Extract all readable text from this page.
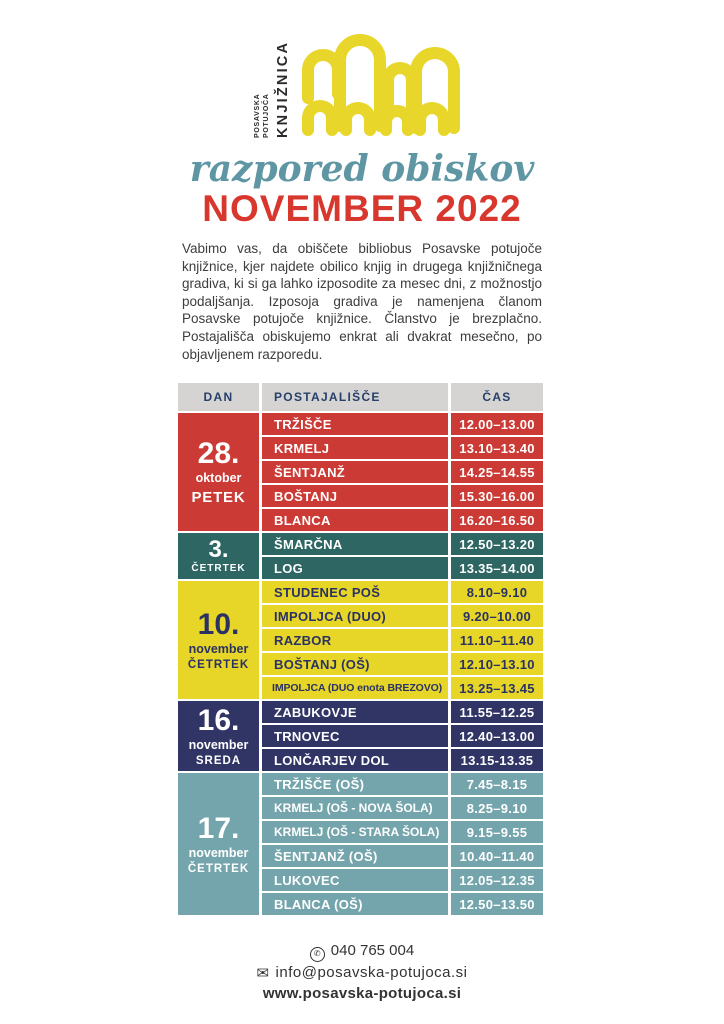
POSAVSKA POTUJOČA KNJIŽNICA
razpored obiskov
NOVEMBER 2022

Vabimo vas, da obiščete bibliobus Posavske potujoče knjižnice, kjer najdete obilico knjig in drugega knjižničnega gradiva, ki si ga lahko izposodite za mesec dni, z možnostjo podaljšanja. Izposoja gradiva je namenjena članom Posavske potujoče knjižnice. Članstvo je brezplačno. Postajališča obiskujemo enkrat ali dvakrat mesečno, po objavljenem razporedu.

DAN	POSTAJALIŠČE	ČAS
28.
oktober
PETEK
TRŽIŠČE	12.00–13.00
KRMELJ	13.10–13.40
ŠENTJANŽ	14.25–14.55
BOŠTANJ	15.30–16.00
BLANCA	16.20–16.50
3.
ČETRTEK
ŠMARČNA	12.50–13.20
LOG	13.35–14.00
10.
november
ČETRTEK
STUDENEC POŠ	8.10–9.10
IMPOLJCA (DUO)	9.20–10.00
RAZBOR	11.10–11.40
BOŠTANJ (OŠ)	12.10–13.10
IMPOLJCA (DUO enota BREZOVO)	13.25–13.45
16.
november
SREDA
ZABUKOVJE	11.55–12.25
TRNOVEC	12.40–13.00
LONČARJEV DOL	13.15-13.35
17.
november
ČETRTEK
TRŽIŠČE (OŠ)	7.45–8.15
KRMELJ (OŠ - NOVA ŠOLA)	8.25–9.10
KRMELJ (OŠ - STARA ŠOLA)	9.15–9.55
ŠENTJANŽ (OŠ)	10.40–11.40
LUKOVEC	12.05–12.35
BLANCA (OŠ)	12.50–13.50
✆ 040 765 004
✉ info@posavska-potujoca.si
www.posavska-potujoca.si
